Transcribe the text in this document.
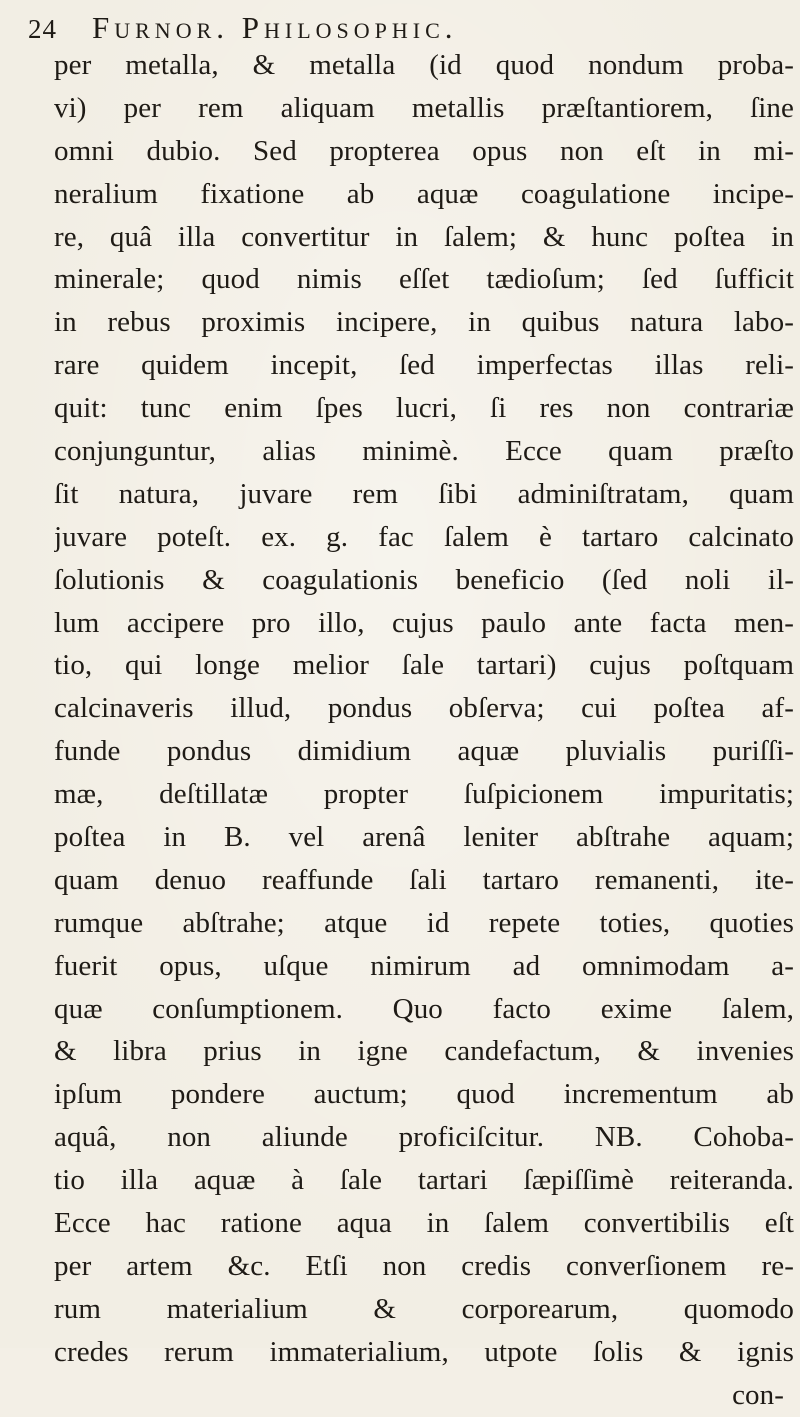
24	Furnor. Philosophic.
per metalla, & metalla (id quod nondum proba-
vi) per rem aliquam metallis præſtantiorem, ſine
omni dubio. Sed propterea opus non eſt in mi-
neralium fixatione ab aquæ coagulatione incipe-
re, quâ illa convertitur in ſalem; & hunc poſtea in
minerale; quod nimis eſſet tædioſum; ſed ſufficit
in rebus proximis incipere, in quibus natura labo-
rare quidem incepit, ſed imperfectas illas reli-
quit: tunc enim ſpes lucri, ſi res non contrariæ
conjunguntur, alias minimè. Ecce quam præſto
ſit natura, juvare rem ſibi adminiſtratam, quam
juvare poteſt. ex. g. fac ſalem è tartaro calcinato
ſolutionis & coagulationis beneficio (ſed noli il-
lum accipere pro illo, cujus paulo ante facta men-
tio, qui longe melior ſale tartari) cujus poſtquam
calcinaveris illud, pondus obſerva; cui poſtea af-
funde pondus dimidium aquæ pluvialis puriſſi-
mæ, deſtillatæ propter ſuſpicionem impuritatis;
poſtea in B. vel arenâ leniter abſtrahe aquam;
quam denuo reaffunde ſali tartaro remanenti, ite-
rumque abſtrahe; atque id repete toties, quoties
fuerit opus, uſque nimirum ad omnimodam a-
quæ conſumptionem. Quo facto exime ſalem,
& libra prius in igne candefactum, & invenies
ipſum pondere auctum; quod incrementum ab
aquâ, non aliunde proficiſcitur. NB. Cohoba-
tio illa aquæ à ſale tartari ſæpiſſimè reiteranda.
Ecce hac ratione aqua in ſalem convertibilis eſt
per artem &c. Etſi non credis converſionem re-
rum materialium & corporearum, quomodo
credes rerum immaterialium, utpote ſolis & ignis
con-
